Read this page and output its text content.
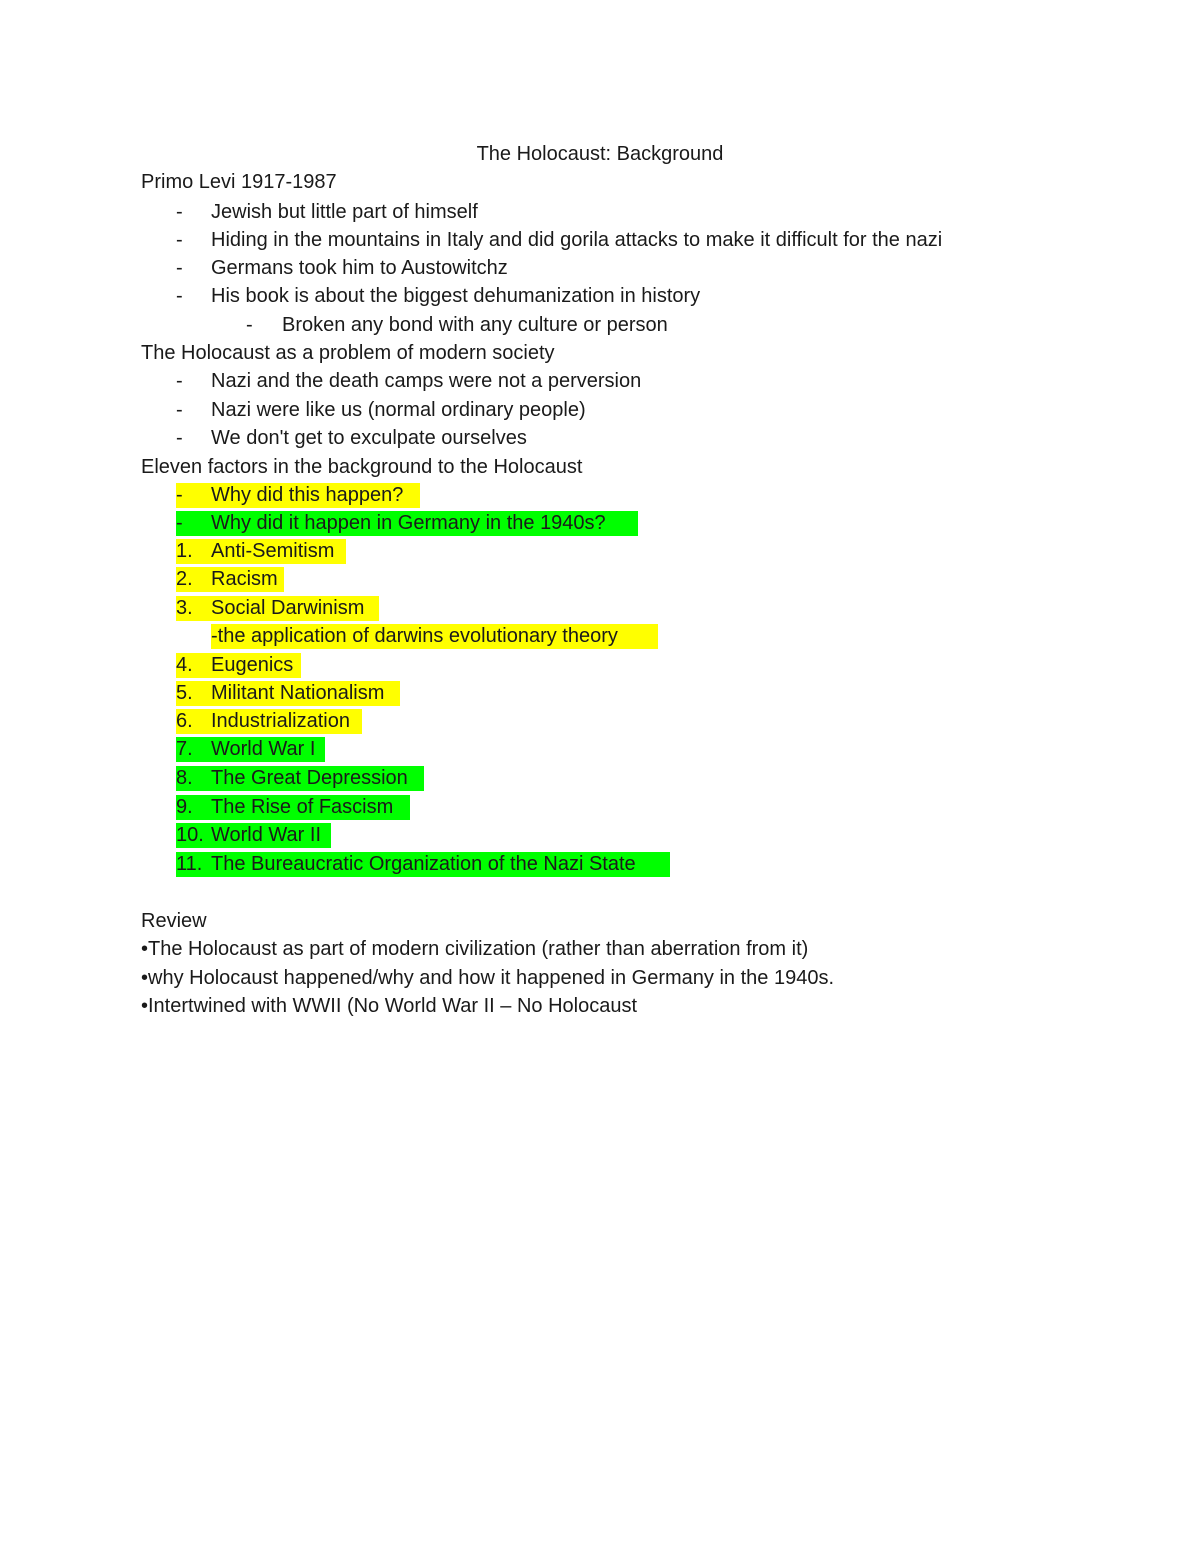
The Holocaust: Background
Primo Levi 1917-1987
- Jewish but little part of himself
- Hiding in the mountains in Italy and did gorila attacks to make it difficult for the nazi
- Germans took him to Austowitchz
- His book is about the biggest dehumanization in history
- Broken any bond with any culture or person
The Holocaust as a problem of modern society
- Nazi and the death camps were not a perversion
- Nazi were like us (normal ordinary people)
- We don't get to exculpate ourselves
Eleven factors in the background to the Holocaust
- Why did this happen?
- Why did it happen in Germany in the 1940s?
1. Anti-Semitism
2. Racism
3. Social Darwinism
-the application of darwins evolutionary theory
4. Eugenics
5. Militant Nationalism
6. Industrialization
7. World War I
8. The Great Depression
9. The Rise of Fascism
10. World War II
11. The Bureaucratic Organization of the Nazi State
Review
•The Holocaust as part of modern civilization (rather than aberration from it)
•why Holocaust happened/why and how it happened in Germany in the 1940s.
•Intertwined with WWII (No World War II – No Holocaust
